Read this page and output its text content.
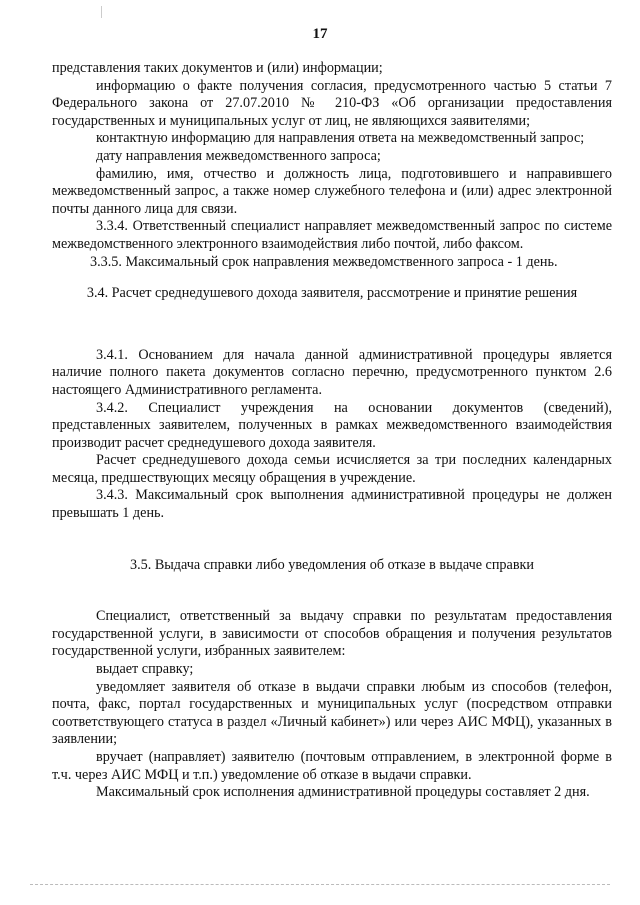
17

представления таких документов и (или) информации;

информацию о факте получения согласия, предусмотренного частью 5 статьи 7 Федерального закона от 27.07.2010 № 210-ФЗ «Об организации предоставления государственных и муниципальных услуг от лиц, не являющихся заявителями;

контактную информацию для направления ответа на межведомственный запрос;

дату направления межведомственного запроса;

фамилию, имя, отчество и должность лица, подготовившего и направившего межведомственный запрос, а также номер служебного телефона и (или) адрес электронной почты данного лица для связи.

3.3.4. Ответственный специалист направляет межведомственный запрос по системе межведомственного электронного взаимодействия либо почтой, либо факсом.

3.3.5. Максимальный срок направления межведомственного запроса - 1 день.

3.4. Расчет среднедушевого дохода заявителя, рассмотрение и принятие решения

3.4.1. Основанием для начала данной административной процедуры является наличие полного пакета документов согласно перечню, предусмотренного пунктом 2.6 настоящего Административного регламента.

3.4.2. Специалист учреждения на основании документов (сведений), представленных заявителем, полученных в рамках межведомственного взаимодействия производит расчет среднедушевого дохода заявителя.

Расчет среднедушевого дохода семьи исчисляется за три последних календарных месяца, предшествующих месяцу обращения в учреждение.

3.4.3. Максимальный срок выполнения административной процедуры не должен превышать 1 день.

3.5. Выдача справки либо уведомления об отказе в выдаче справки

Специалист, ответственный за выдачу справки по результатам предоставления государственной услуги, в зависимости от способов обращения и получения результатов государственной услуги, избранных заявителем:

выдает справку;

уведомляет заявителя об отказе в выдачи справки любым из способов (телефон, почта, факс, портал государственных и муниципальных услуг (посредством отправки соответствующего статуса в раздел «Личный кабинет») или через АИС МФЦ), указанных в заявлении;

вручает (направляет) заявителю (почтовым отправлением, в электронной форме в т.ч. через АИС МФЦ и т.п.) уведомление об отказе в выдачи справки.

Максимальный срок исполнения административной процедуры составляет 2 дня.
